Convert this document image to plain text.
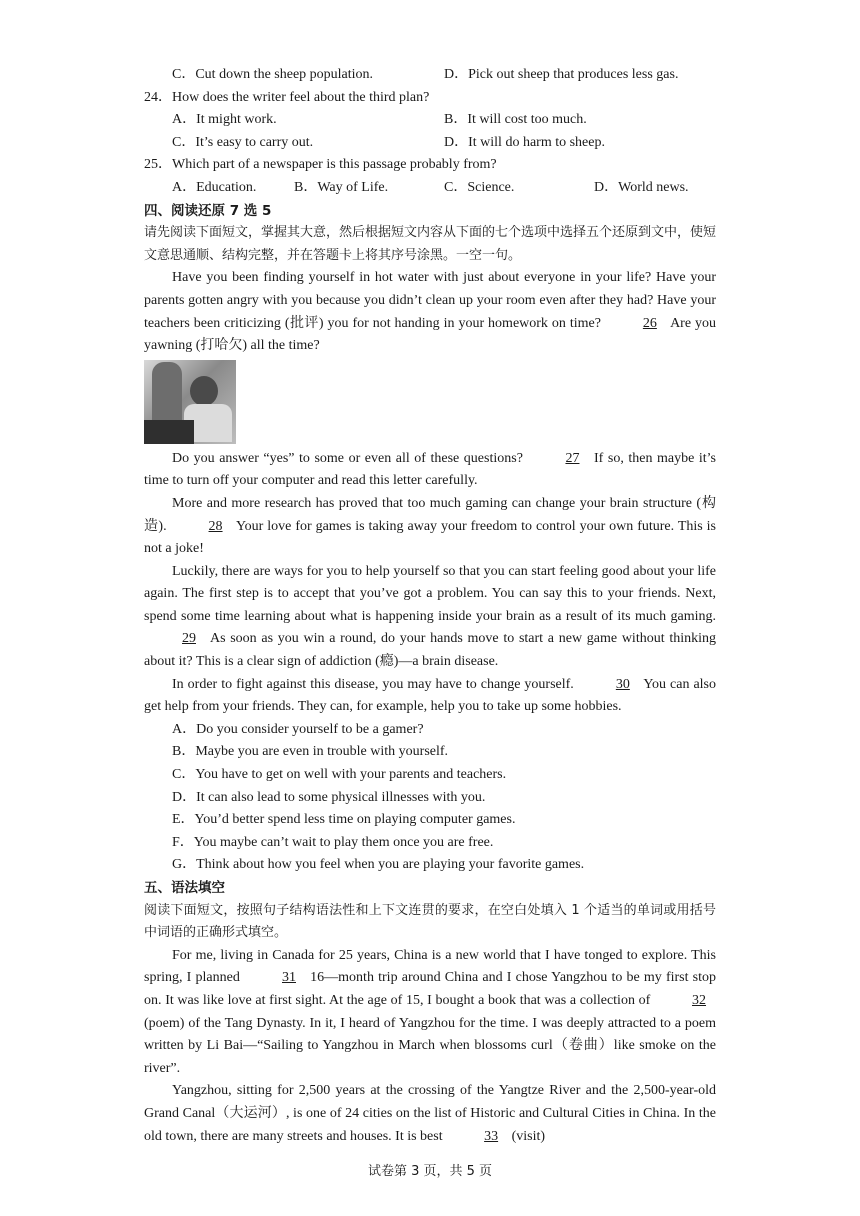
C．Cut down the sheep population.	D．Pick out sheep that produces less gas.
24．How does the writer feel about the third plan?
A．It might work.	B．It will cost too much.
C．It’s easy to carry out.	D．It will do harm to sheep.
25．Which part of a newspaper is this passage probably from?
A．Education.	B．Way of Life.	C．Science.	D．World news.
四、阅读还原 7 选 5

请先阅读下面短文，掌握其大意，然后根据短文内容从下面的七个选项中选择五个还原到文中，使短文意思通顺、结构完整，并在答题卡上将其序号涂黑。一空一句。

Have you been finding yourself in hot water with just about everyone in your life? Have your parents gotten angry with you because you didn’t clean up your room even after they had? Have your teachers been criticizing (批评) you for not handing in your homework on time?	26 Are you yawning (打哈欠) all the time?

Do you answer “yes” to some or even all of these questions?	27 If so, then maybe it’s time to turn off your computer and read this letter carefully.

More and more research has proved that too much gaming can change your brain structure (构造).	28 Your love for games is taking away your freedom to control your own future. This is not a joke!

Luckily, there are ways for you to help yourself so that you can start feeling good about your life again. The first step is to accept that you’ve got a problem. You can say this to your friends. Next, spend some time learning about what is happening inside your brain as a result of its much gaming. 29 As soon as you win a round, do your hands move to start a new game without thinking about it? This is a clear sign of addiction (瘾)—a brain disease.

In order to fight against this disease, you may have to change yourself.	30 You can also get help from your friends. They can, for example, help you to take up some hobbies.

A．Do you consider yourself to be a gamer?
B．Maybe you are even in trouble with yourself.
C．You have to get on well with your parents and teachers.
D．It can also lead to some physical illnesses with you.
E．You’d better spend less time on playing computer games.
F．You maybe can’t wait to play them once you are free.
G．Think about how you feel when you are playing your favorite games.
五、语法填空

阅读下面短文，按照句子结构语法性和上下文连贯的要求，在空白处填入 1 个适当的单词或用括号中词语的正确形式填空。

For me, living in Canada for 25 years, China is a new world that I have tonged to explore. This spring, I planned	31 16—month trip around China and I chose Yangzhou to be my first stop on. It was like love at first sight. At the age of 15, I bought a book that was a collection of	32 (poem) of the Tang Dynasty. In it, I heard of Yangzhou for the time. I was deeply attracted to a poem written by Li Bai—“Sailing to Yangzhou in March when blossoms curl（卷曲）like smoke on the river”.

Yangzhou, sitting for 2,500 years at the crossing of the Yangtze River and the 2,500-year-old Grand Canal（大运河）, is one of 24 cities on the list of Historic and Cultural Cities in China. In the old town, there are many streets and houses. It is best	33 (visit)

试卷第 3 页，共 5 页
